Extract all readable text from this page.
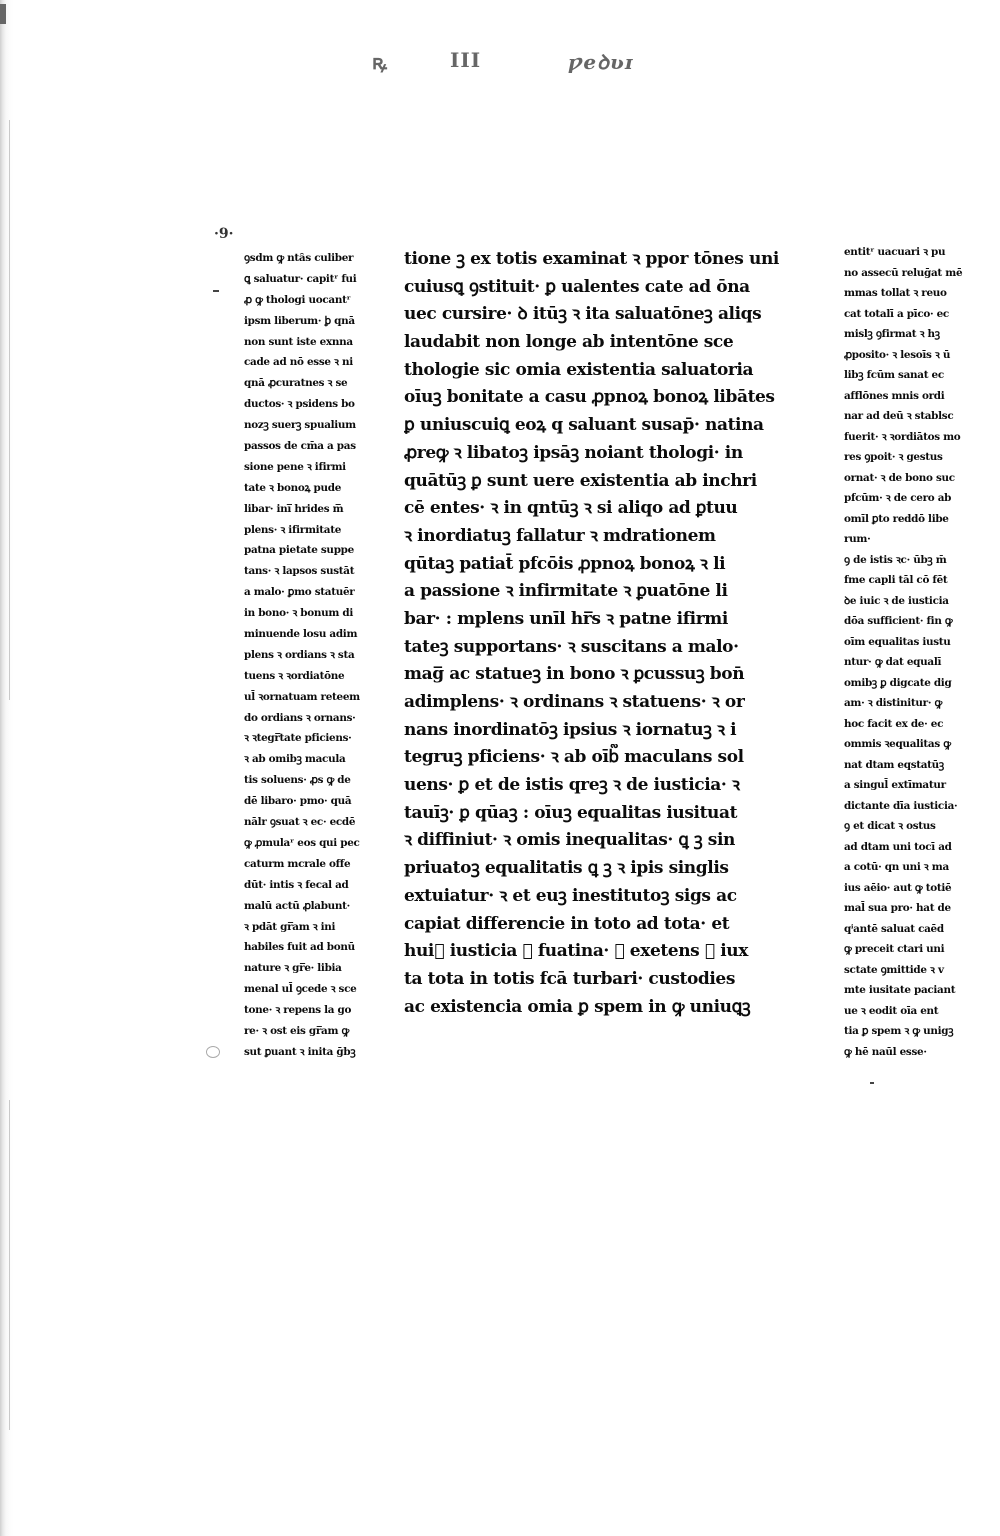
ꝶ	III	ƿeꝺʋɪ
·9·
ꝯsdm ꝙ ntȃs culiber
ꝗ saluatur· capitʳ fui
ꝓ ꝙ thologi uocantʳ
ipsm liberum· ꝧ qnā
non sunt iste exnna
cade ad nō esse ꝛ ni
qnā ꝓcuratnes ꝛ se
ductos· ꝛ psidens bo
nozꝫ suerꝫ spualium
passos de cm̄a a pas
sione pene ꝛ ifirmi
tate ꝛ bonoꝝ pude
libar· ini̅ hrides m̅
plens· ꝛ ifirmitate
patna pietate suppe
tans· ꝛ lapsos sustāt
a malo· ꝑmo statuēr
in bono· ꝛ bonum di
minuende losu adim
plens ꝛ ordians ꝛ sta
tuens ꝛ ꝛordiatōne
ul̄ ꝛornatuam reteem
do ordians ꝛ ornans·
ꝛ ꝛtegr̅tate pficiens·
ꝛ ab omibꝫ macula
tis soluens· ꝓs ꝙ de
dē libaro· pmo· quā
nālr ꝯsuat ꝛ ec· ecdē
ꝙ ꝓmulaʳ eos qui pec
caturm mcrale offe
dūt· intis ꝛ fecal ad
malū actū ꝓlabunt·
ꝛ pdāt gr̅am ꝛ ini
habiles fuit ad bonū
nature ꝛ gr̅e· libia
menal ul̄ ꝯcede ꝛ sce
tone· ꝛ repens la go
re· ꝛ ost eis gr̅am ꝙ
sut ꝑuant ꝛ inita ḡbꝫ
tione ꝫ ex totis examinat ꝛ ppor tōnes uni
cuiusꝗ ꝯstituit· ꝑ ualentes cate ad ōna
uec cursire· ꝺ itūꝫ ꝛ ita saluatōneꝫ aliqs
laudabit non longe ab intentōne sce
thologie sic omia existentia saluatoria
oīuꝫ bonitate a casu ꝓpnoꝝ bonoꝝ libātes
ꝑ uniuscuiꝗ eoꝝ q saluant susap̄· natina
ꝓreꝙ ꝛ libatoꝫ ipsāꝫ noiant thologi· in
quātūꝫ ꝑ sunt uere existentia ab inchri
cē entes· ꝛ in qntūꝫ ꝛ si aliqo ad ꝑtuu
ꝛ inordiatuꝫ fallatur ꝛ mdrationem
qūtaꝫ patiat̄ pfcōis ꝓpnoꝝ bonoꝝ ꝛ li
a passione ꝛ infirmitate ꝛ ꝑuatōne li
bar· : mplens unīl hr̅s ꝛ patne ifirmi
tateꝫ supportans· ꝛ suscitans a malo·
mag̅ ac statueꝫ in bono ꝛ ꝑcussuꝫ bon̄
adimplens· ꝛ ordinans ꝛ statuens· ꝛ or
nans inordinatōꝫ ipsius ꝛ iornatuꝫ ꝛ i
tegruꝫ pficiens· ꝛ ab oīb᷑ maculans sol
uens· ꝑ et de istis qreꝫ ꝛ de iusticia· ꝛ
tauīꝫ· ꝑ qūaꝫ : oīuꝫ equalitas iusituat
ꝛ diffiniut· ꝛ omis inequalitas· ꝗ ꝫ sin
priuatoꝫ equalitatis ꝗ ꝫ ꝛ ipis singlis
extuiatur· ꝛ et euꝫ inestitutoꝫ sigs ac
capiat differencie in toto ad tota· et
hui᷒ iusticia ꝫ fuatina· ꝑ exetens ꝯ iux
ta tota in totis fcā turbari· custodies
ac existencia omia ꝑ spem in ꝙ uniuꝗꝫ
entitʳ uacuari ꝛ pu
no assecū reluḡat mē
mmas tollat ꝛ reuo
cat totalī a pīco· ec
mislꝫ ꝯfirmat ꝛ hꝫ
ꝓposito· ꝛ lesoīs ꝛ ū
libꝫ fcūm sanat ec
afflōnes mnis ordi
nar ad deū ꝛ stablsc
fuerit· ꝛ ꝛordiātos mo
res ꝯpoit· ꝛ gestus
ornat· ꝛ de bono suc
pfcūm· ꝛ de cero ab
omīl ꝑto reddō libe
rum·
ꝯ de istis ꝛc· ūbꝫ m̄
fme capli tāl cō fēt
ꝺe iuic ꝛ de iusticia
dōa sufficient· fin ꝙ
oīm equalitas iustu
ntur· ꝙ dat equalī
omibꝫ ꝑ digcate dig
am· ꝛ distinitur· ꝙ
hoc facit ex de· ec
ommis ꝛequalitas ꝙ
nat dtam eqstatūꝫ
a singul̄ extīmatur
dictante dīa iusticia·
ꝯ et dicat ꝛ ostus
ad dtam uni tocī ad
a cotū· qn uni ꝛ ma
ius aēio· aut ꝙ totiē
mal̄ sua pro· hat de
qⁱantē saluat caēd
ꝙ preceit ctari uni
sctate ꝯmittide ꝛ v
mte iusitate paciant
ue ꝛ eodit oīa ent
tia ꝑ spem ꝛ ꝙ unigꝫ
ꝙ hē naūl esse·
